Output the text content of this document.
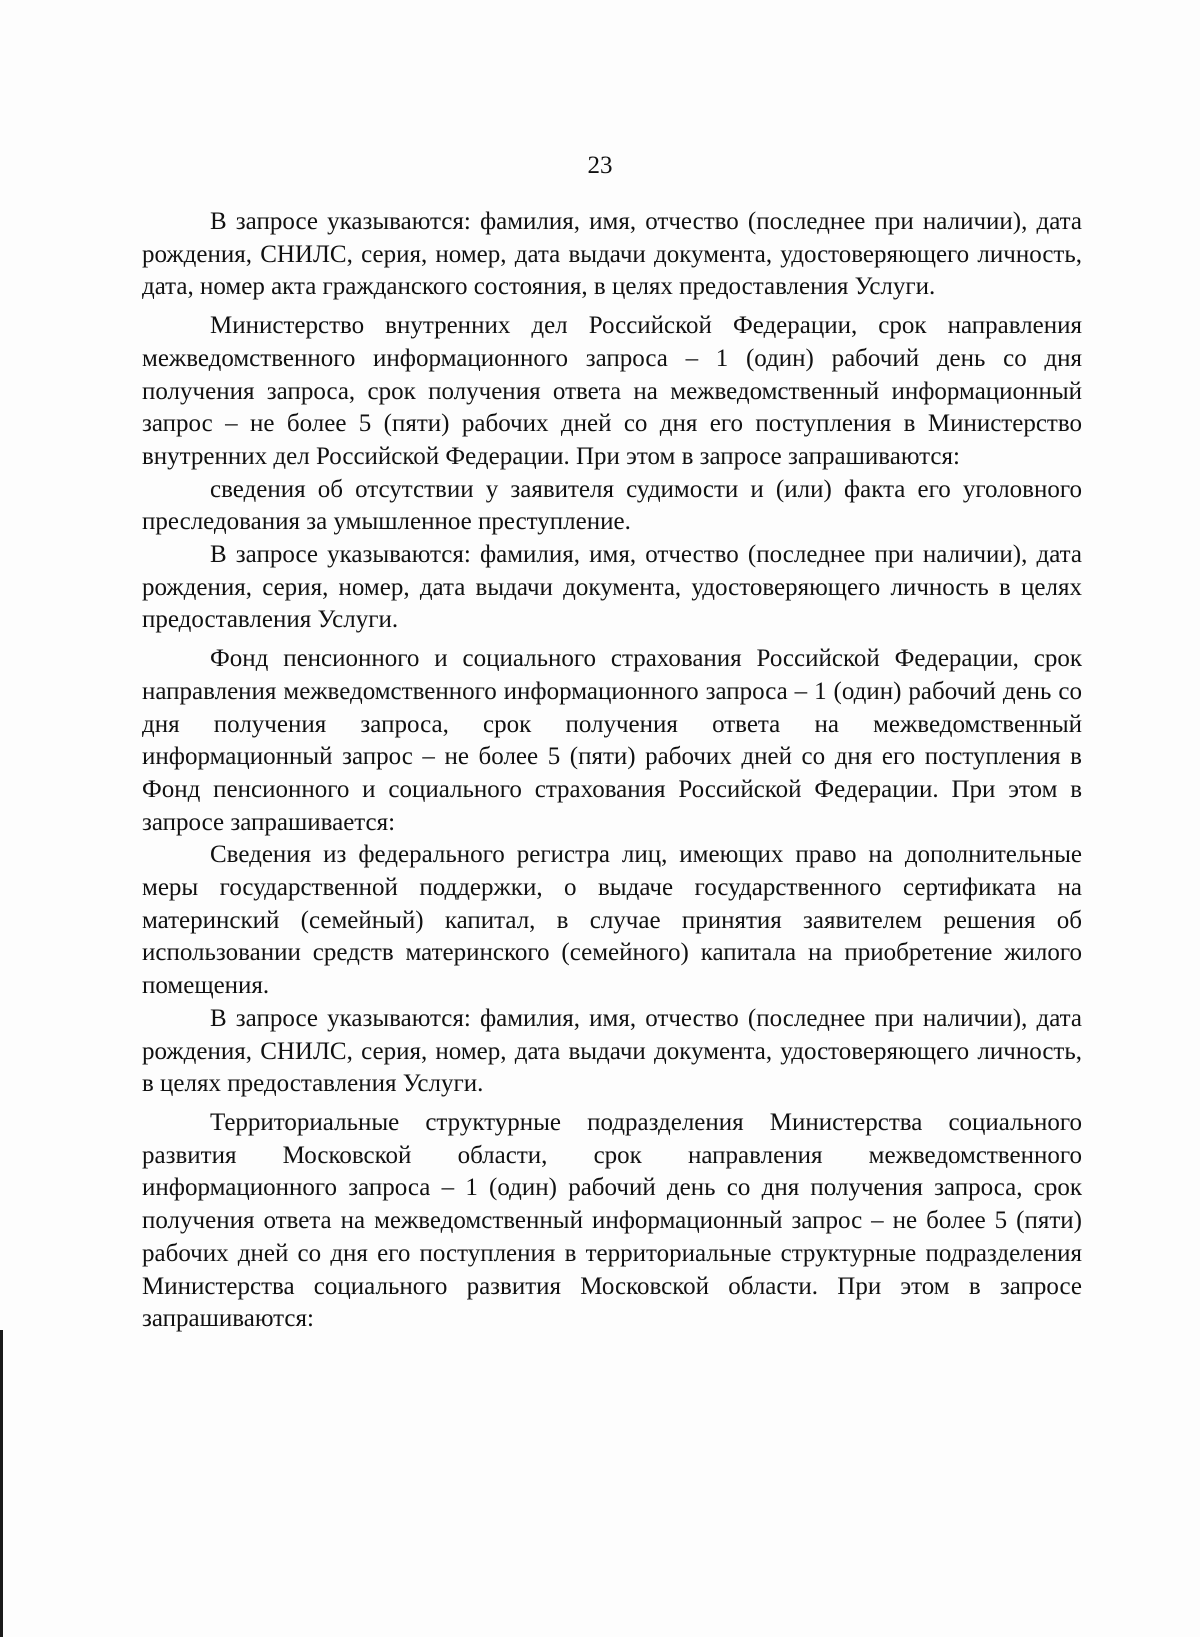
23

В запросе указываются: фамилия, имя, отчество (последнее при наличии), дата рождения, СНИЛС, серия, номер, дата выдачи документа, удостоверяющего личность, дата, номер акта гражданского состояния, в целях предоставления Услуги.

Министерство внутренних дел Российской Федерации, срок направления межведомственного информационного запроса – 1 (один) рабочий день со дня получения запроса, срок получения ответа на межведомственный информационный запрос – не более 5 (пяти) рабочих дней со дня его поступления в Министерство внутренних дел Российской Федерации. При этом в запросе запрашиваются:

сведения об отсутствии у заявителя судимости и (или) факта его уголовного преследования за умышленное преступление.

В запросе указываются: фамилия, имя, отчество (последнее при наличии), дата рождения, серия, номер, дата выдачи документа, удостоверяющего личность в целях предоставления Услуги.

Фонд пенсионного и социального страхования Российской Федерации, срок направления межведомственного информационного запроса – 1 (один) рабочий день со дня получения запроса, срок получения ответа на межведомственный информационный запрос – не более 5 (пяти) рабочих дней со дня его поступления в Фонд пенсионного и социального страхования Российской Федерации. При этом в запросе запрашивается:

Сведения из федерального регистра лиц, имеющих право на дополнительные меры государственной поддержки, о выдаче государственного сертификата на материнский (семейный) капитал, в случае принятия заявителем решения об использовании средств материнского (семейного) капитала на приобретение жилого помещения.

В запросе указываются: фамилия, имя, отчество (последнее при наличии), дата рождения, СНИЛС, серия, номер, дата выдачи документа, удостоверяющего личность, в целях предоставления Услуги.

Территориальные структурные подразделения Министерства социального развития Московской области, срок направления межведомственного информационного запроса – 1 (один) рабочий день со дня получения запроса, срок получения ответа на межведомственный информационный запрос – не более 5 (пяти) рабочих дней со дня его поступления в территориальные структурные подразделения Министерства социального развития Московской области. При этом в запросе запрашиваются:
